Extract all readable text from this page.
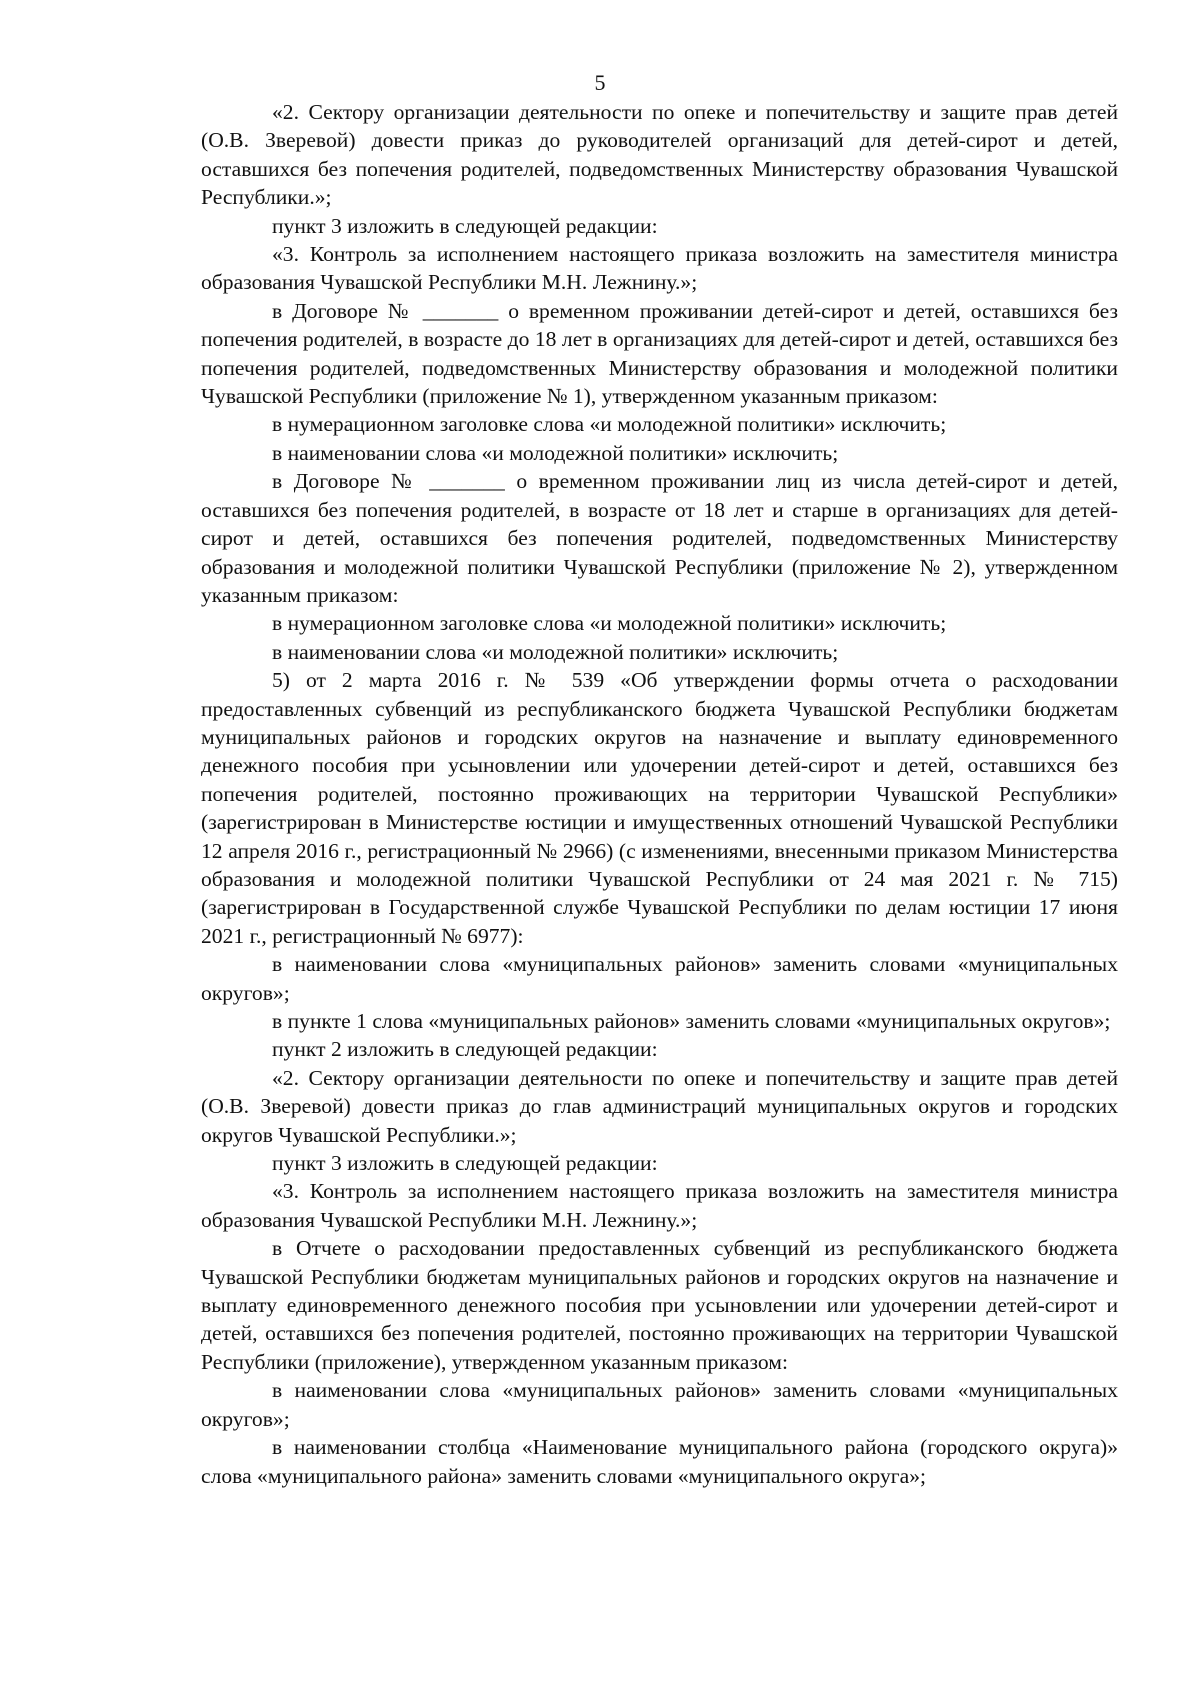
5

«2. Сектору организации деятельности по опеке и попечительству и защите прав детей (О.В. Зверевой) довести приказ до руководителей организаций для детей-сирот и детей, оставшихся без попечения родителей, подведомственных Министерству образования Чувашской Республики.»;

пункт 3 изложить в следующей редакции:

«3. Контроль за исполнением настоящего приказа возложить на заместителя министра образования Чувашской Республики М.Н. Лежнину.»;

в Договоре № _______ о временном проживании детей-сирот и детей, оставшихся без попечения родителей, в возрасте до 18 лет в организациях для детей-сирот и детей, оставшихся без попечения родителей, подведомственных Министерству образования и молодежной политики Чувашской Республики (приложение № 1), утвержденном указанным приказом:

в нумерационном заголовке слова «и молодежной политики» исключить;

в наименовании слова «и молодежной политики» исключить;

в Договоре № _______ о временном проживании лиц из числа детей-сирот и детей, оставшихся без попечения родителей, в возрасте от 18 лет и старше в организациях для детей-сирот и детей, оставшихся без попечения родителей, подведомственных Министерству образования и молодежной политики Чувашской Республики (приложение № 2), утвержденном указанным приказом:

в нумерационном заголовке слова «и молодежной политики» исключить;

в наименовании слова «и молодежной политики» исключить;

5) от 2 марта 2016 г. № 539 «Об утверждении формы отчета о расходовании предоставленных субвенций из республиканского бюджета Чувашской Республики бюджетам муниципальных районов и городских округов на назначение и выплату единовременного денежного пособия при усыновлении или удочерении детей-сирот и детей, оставшихся без попечения родителей, постоянно проживающих на территории Чувашской Республики» (зарегистрирован в Министерстве юстиции и имущественных отношений Чувашской Республики 12 апреля 2016 г., регистрационный № 2966) (с изменениями, внесенными приказом Министерства образования и молодежной политики Чувашской Республики от 24 мая 2021 г. № 715) (зарегистрирован в Государственной службе Чувашской Республики по делам юстиции 17 июня 2021 г., регистрационный № 6977):

в наименовании слова «муниципальных районов» заменить словами «муниципальных округов»;

в пункте 1 слова «муниципальных районов» заменить словами «муниципальных округов»;

пункт 2 изложить в следующей редакции:

«2. Сектору организации деятельности по опеке и попечительству и защите прав детей (О.В. Зверевой) довести приказ до глав администраций муниципальных округов и городских округов Чувашской Республики.»;

пункт 3 изложить в следующей редакции:

«3. Контроль за исполнением настоящего приказа возложить на заместителя министра образования Чувашской Республики М.Н. Лежнину.»;

в Отчете о расходовании предоставленных субвенций из республиканского бюджета Чувашской Республики бюджетам муниципальных районов и городских округов на назначение и выплату единовременного денежного пособия при усыновлении или удочерении детей-сирот и детей, оставшихся без попечения родителей, постоянно проживающих на территории Чувашской Республики (приложение), утвержденном указанным приказом:

в наименовании слова «муниципальных районов» заменить словами «муниципальных округов»;

в наименовании столбца «Наименование муниципального района (городского округа)» слова «муниципального района» заменить словами «муниципального округа»;
